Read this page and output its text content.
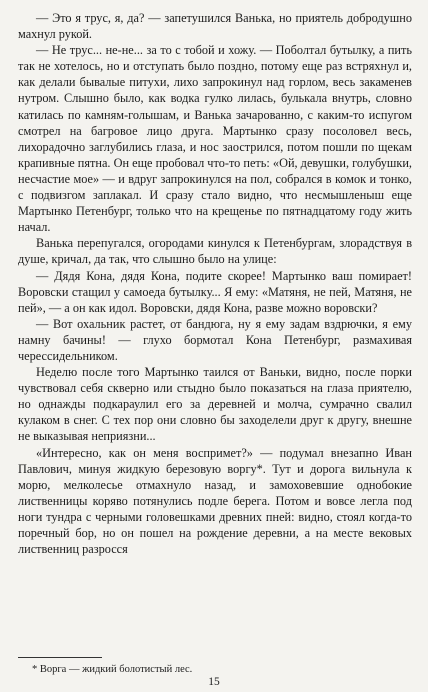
— Это я трус, я, да? — запетушился Ванька, но приятель добродушно махнул рукой.

— Не трус... не-не... за то с тобой и хожу. — Поболтал бутылку, а пить так не хотелось, но и отступать было поздно, потому еще раз встряхнул и, как делали бывалые питухи, лихо запрокинул над горлом, весь закаменев нутром. Слышно было, как водка гулко лилась, булькала внутрь, словно катилась по камням-голышам, и Ванька зачарованно, с каким-то испугом смотрел на багровое лицо друга. Мартынко сразу посоловел весь, лихорадочно заглубились глаза, и нос заострился, потом пошли по щекам крапивные пятна. Он еще пробовал что-то петь: «Ой, девушки, голубушки, несчастие мое» — и вдруг запрокинулся на пол, собрался в комок и тонко, с подвизгом заплакал. И сразу стало видно, что несмышленыш еще Мартынко Петенбург, только что на крещенье по пятнадцатому году жить начал.

Ванька перепугался, огородами кинулся к Петенбургам, злорадствуя в душе, кричал, да так, что слышно было на улице:

— Дядя Кона, дядя Кона, подите скорее! Мартынко ваш помирает! Воровски стащил у самоеда бутылку... Я ему: «Матяня, не пей, Матяня, не пей», — а он как идол. Воровски, дядя Кона, разве можно воровски?

— Вот охальник растет, от бандюга, ну я ему задам вздрючки, я ему намну бачины! — глухо бормотал Кона Петенбург, размахивая черессидельником.

Неделю после того Мартынко таился от Ваньки, видно, после порки чувствовал себя скверно или стыдно было показаться на глаза приятелю, но однажды подкараулил его за деревней и молча, сумрачно свалил кулаком в снег. С тех пор они словно бы заходелели друг к другу, внешне не выказывая неприязни...

«Интересно, как он меня воспримет?» — подумал внезапно Иван Павлович, минуя жидкую березовую воргу*. Тут и дорога вильнула к морю, мелколесье отмахнуло назад, и замоховевшие однобокие лиственницы коряво потянулись подле берега. Потом и вовсе легла под ноги тундра с черными головешками древних пней: видно, стоял когда-то поречный бор, но он пошел на рождение деревни, а на месте вековых лиственниц разросся

* Ворга — жидкий болотистый лес.
15
